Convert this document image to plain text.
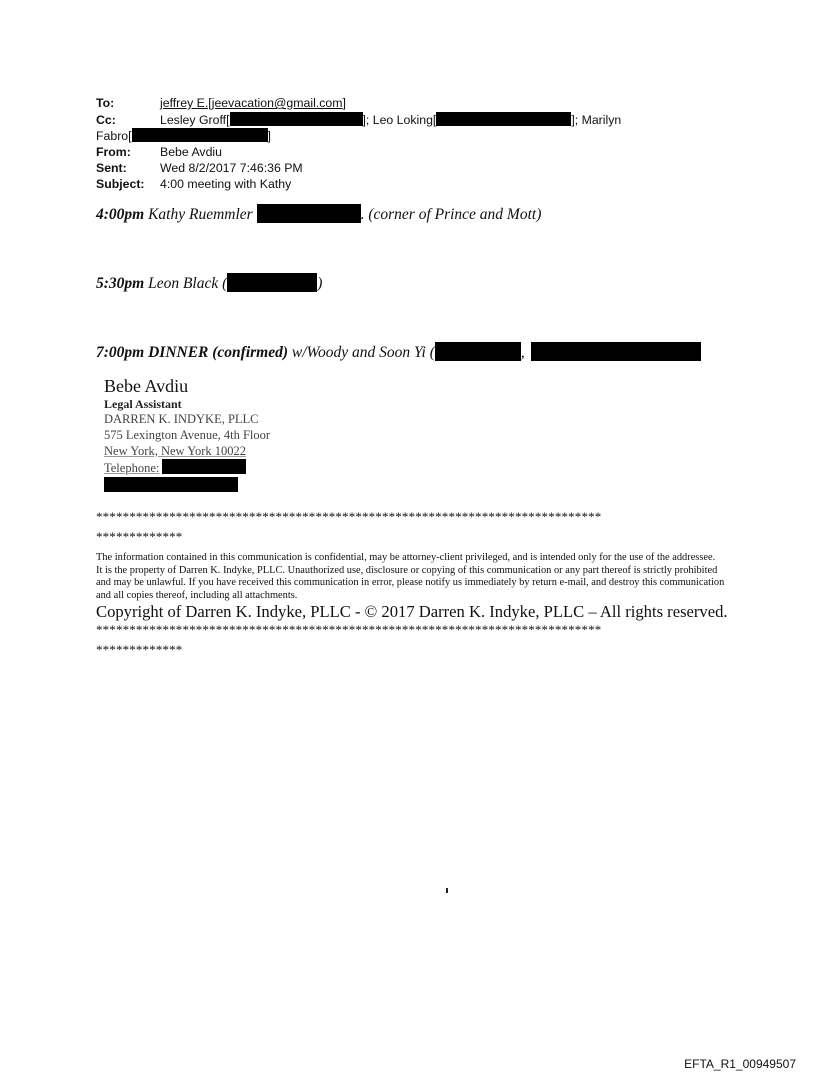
To:	jeffrey E.[jeevacation@gmail.com]
Cc:	Lesley Groff[	]; Leo Loking[	]; Marilyn
Fabro[	]
From: Bebe Avdiu
Sent:	Wed 8/2/2017 7:46:36 PM
Subject: 4:00 meeting with Kathy
4:00pm Kathy Ruemmler	. (corner of Prince and Mott)
5:30pm Leon Black (	)
7:00pm DINNER (confirmed) w/Woody and Soon Yi (	,
Bebe Avdiu
Legal Assistant
DARREN K. INDYKE, PLLC
575 Lexington Avenue, 4th Floor
New York, New York 10022
Telephone:
****************************************************************************
*************
The information contained in this communication is confidential, may be attorney-client privileged, and is intended only for the use of the addressee.
It is the property of Darren K. Indyke, PLLC. Unauthorized use, disclosure or copying of this communication or any part thereof is strictly prohibited
and may be unlawful. If you have received this communication in error, please notify us immediately by return e-mail, and destroy this communication
and all copies thereof, including all attachments.
Copyright of Darren K. Indyke, PLLC - © 2017 Darren K. Indyke, PLLC – All rights reserved.
****************************************************************************
*************
EFTA_R1_00949507
